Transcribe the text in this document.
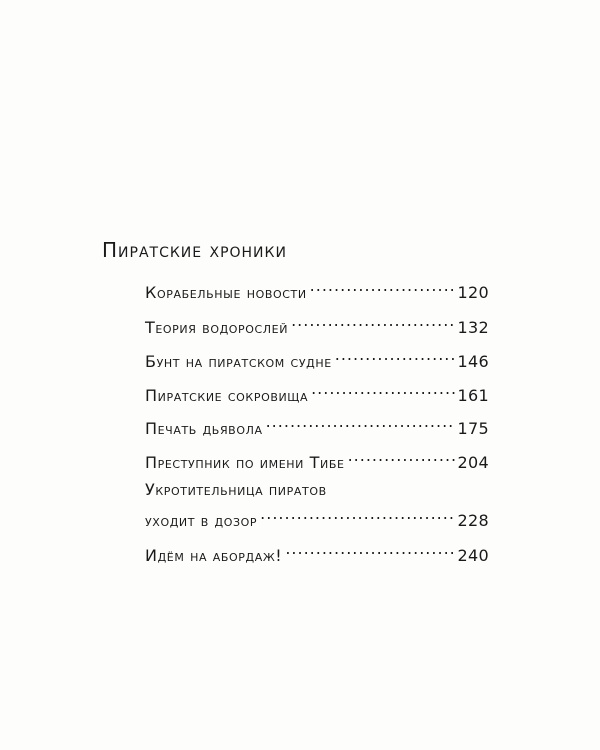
Пиратские хроники
Корабельные новости .....	120
Теория водорослей .....	132
Бунт на пиратском судне .....	146
Пиратские сокровища .....	161
Печать дьявола .....	175
Преступник по имени Тибе .....	204
Укротительница пиратов
уходит в дозор .....	228
Идём на абордаж! .....	240
